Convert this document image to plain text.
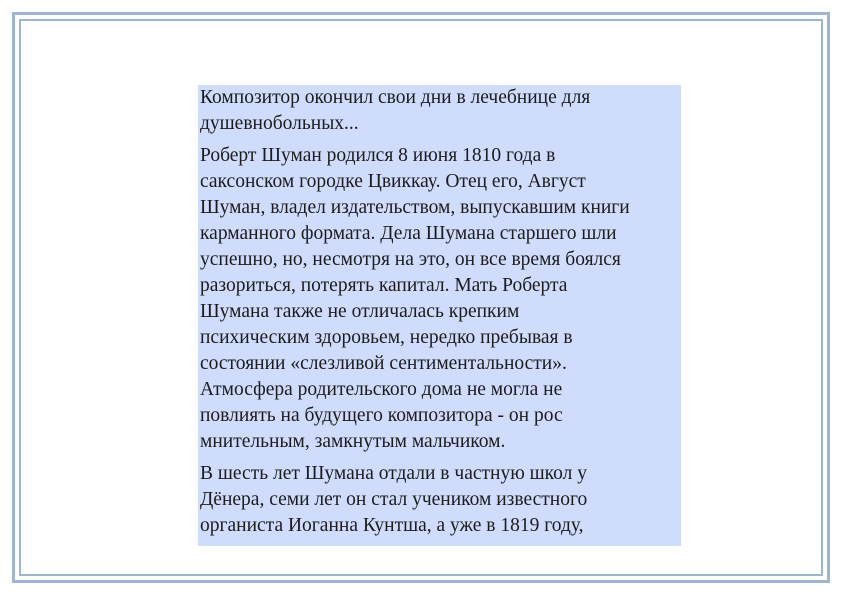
Композитор окончил свои дни в лечебнице для
душевнобольных...

Роберт Шуман родился 8 июня 1810 года в
саксонском городке Цвиккау. Отец его, Август
Шуман, владел издательством, выпускавшим книги
карманного формата. Дела Шумана старшего шли
успешно, но, несмотря на это, он все время боялся
разориться, потерять капитал. Мать Роберта
Шумана также не отличалась крепким
психическим здоровьем, нередко пребывая в
состоянии «слезливой сентиментальности».
Атмосфера родительского дома не могла не
повлиять на будущего композитора - он рос
мнительным, замкнутым мальчиком.

В шесть лет Шумана отдали в частную школ у
Дёнера, семи лет он стал учеником известного
органиста Иоганна Кунтша, а уже в 1819 году,
